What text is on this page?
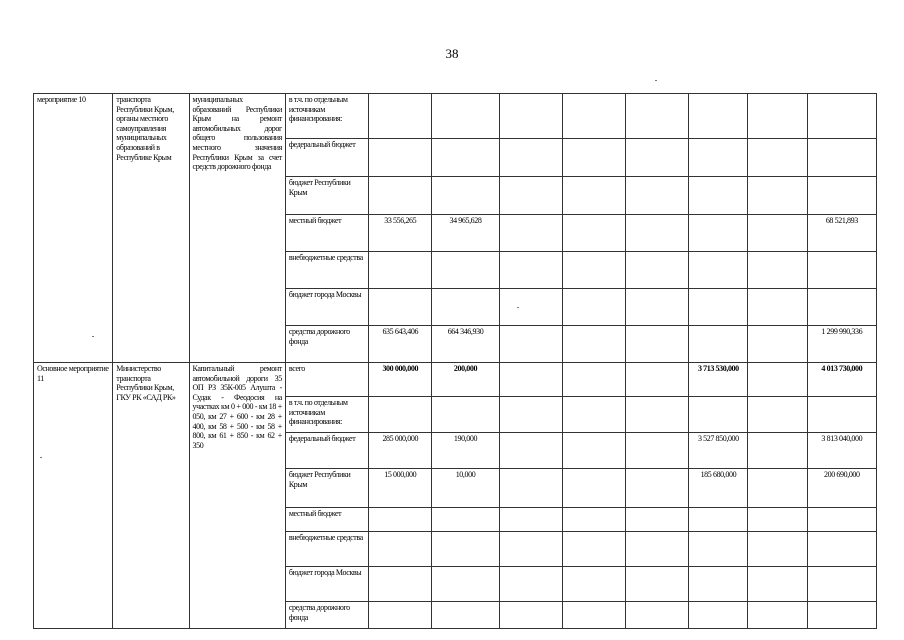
38
мероприятие 10	транспорта Республики Крым, органы местного самоуправления муниципальных образований в Республике Крым	муниципальных образований Республики Крым на ремонт автомобильных дорог общего пользования местного значения Республики Крым за счет средств дорожного фонда	в т.ч. по отдельным источникам финансирования:								
			федеральный бюджет								
			бюджет Республики Крым								
			местный бюджет	33 556,265	34 965,628						68 521,893
			внебюджетные средства								
			бюджет города Москвы								
			средства дорожного фонда	635 643,406	664 346,930						1 299 990,336
Основное мероприятие 11	Министерство транспорта Республики Крым, ГКУ РК «САД РК»	Капитальный ремонт автомобильной дороги 35 ОП РЗ 35К-005 Алушта - Судак - Феодосия на участках км 0 + 000 - км 18 + 050, км 27 + 600 - км 28 + 400, км 58 + 500 - км 58 + 800, км 61 + 850 - км 62 + 350	всего	300 000,000	200,000				3 713 530,000		4 013 730,000
			в т.ч. по отдельным источникам финансирования:								
			федеральный бюджет	285 000,000	190,000				3 527 850,000		3 813 040,000
			бюджет Республики Крым	15 000,000	10,000				185 680,000		200 690,000
			местный бюджет								
			внебюджетные средства								
			бюджет города Москвы								
			средства дорожного фонда								
